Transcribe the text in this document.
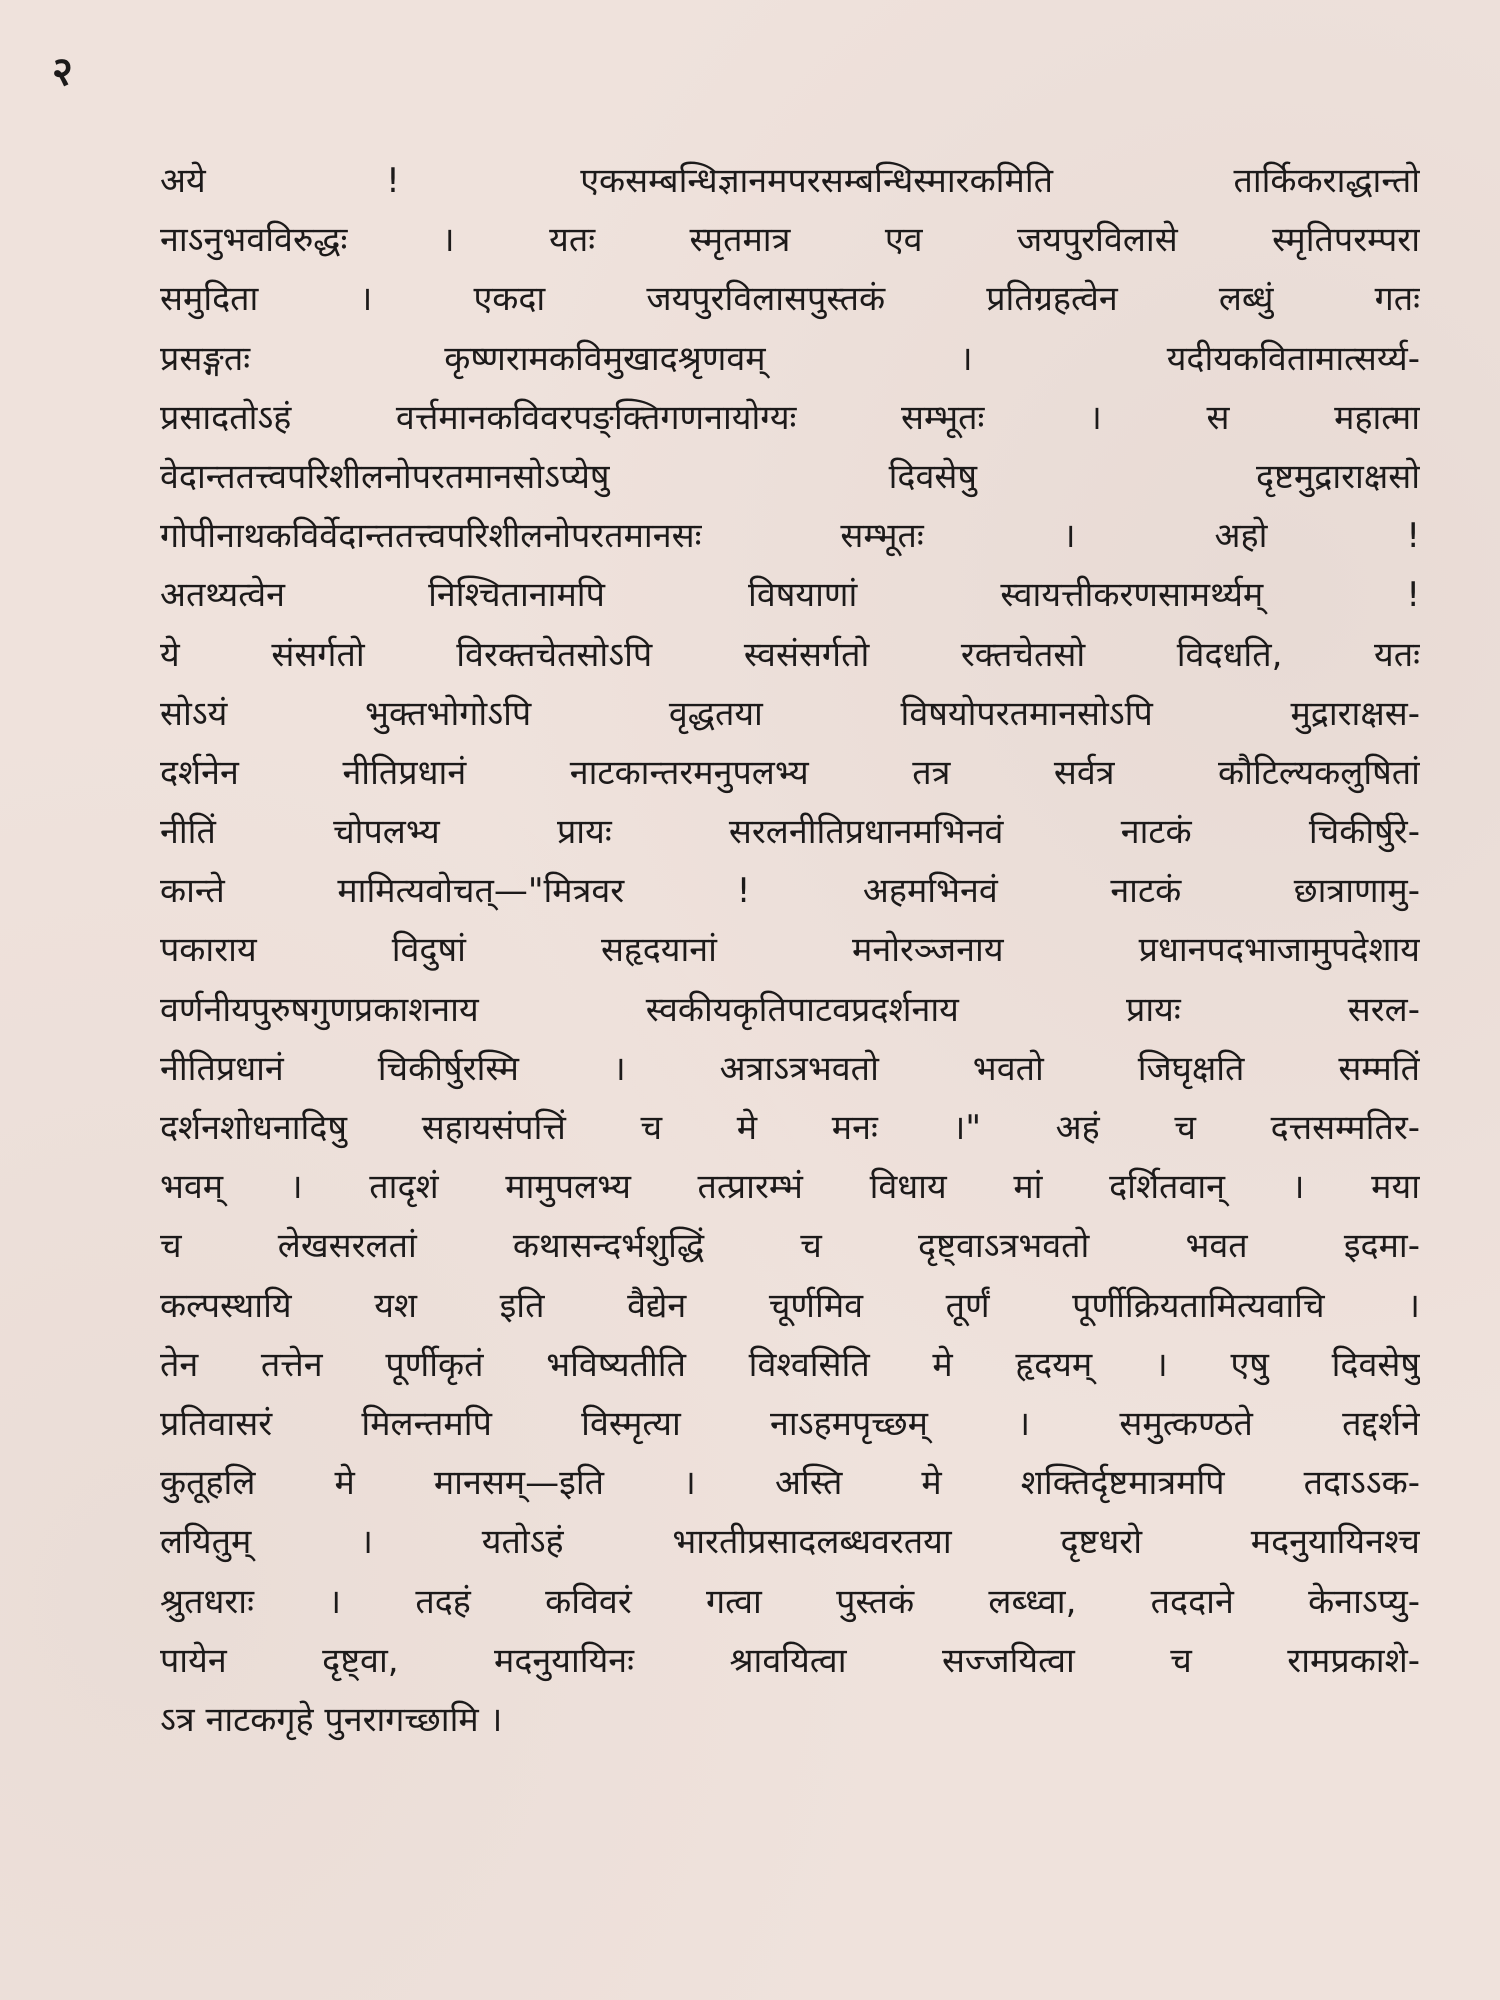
२
अये ! एकसम्बन्धिज्ञानमपरसम्बन्धिस्मारकमिति तार्किकराद्धान्तो
नाऽनुभवविरुद्धः । यतः स्मृतमात्र एव जयपुरविलासे स्मृतिपरम्परा
समुदिता । एकदा जयपुरविलासपुस्तकं प्रतिग्रहत्वेन लब्धुं गतः
प्रसङ्गतः कृष्णरामकविमुखादश्रृणवम् । यदीयकवितामात्सर्य्य-
प्रसादतोऽहं वर्त्तमानकविवरपङ्क्तिगणनायोग्यः सम्भूतः । स महात्मा
वेदान्ततत्त्वपरिशीलनोपरतमानसोऽप्येषु दिवसेषु दृष्टमुद्राराक्षसो
गोपीनाथकविर्वेदान्ततत्त्वपरिशीलनोपरतमानसः सम्भूतः । अहो !
अतथ्यत्वेन निश्चितानामपि विषयाणां स्वायत्तीकरणसामर्थ्यम् !
ये संसर्गतो विरक्तचेतसोऽपि स्वसंसर्गतो रक्तचेतसो विदधति, यतः
सोऽयं भुक्तभोगोऽपि वृद्धतया विषयोपरतमानसोऽपि मुद्राराक्षस-
दर्शनेन नीतिप्रधानं नाटकान्तरमनुपलभ्य तत्र सर्वत्र कौटिल्यकलुषितां
नीतिं चोपलभ्य प्रायः सरलनीतिप्रधानमभिनवं नाटकं चिकीर्षुरे-
कान्ते मामित्यवोचत्—"मित्रवर ! अहमभिनवं नाटकं छात्राणामु-
पकाराय विदुषां सहृदयानां मनोरञ्जनाय प्रधानपदभाजामुपदेशाय
वर्णनीयपुरुषगुणप्रकाशनाय स्वकीयकृतिपाटवप्रदर्शनाय प्रायः सरल-
नीतिप्रधानं चिकीर्षुरस्मि । अत्राऽत्रभवतो भवतो जिघृक्षति सम्मतिं
दर्शनशोधनादिषु सहायसंपत्तिं च मे मनः ।" अहं च दत्तसम्मतिर-
भवम् । तादृशं मामुपलभ्य तत्प्रारम्भं विधाय मां दर्शितवान् । मया
च लेखसरलतां कथासन्दर्भशुद्धिं च दृष्ट्वाऽत्रभवतो भवत इदमा-
कल्पस्थायि यश इति वैद्येन चूर्णमिव तूर्णं पूर्णीक्रियतामित्यवाचि ।
तेन तत्तेन पूर्णीकृतं भविष्यतीति विश्वसिति मे हृदयम् । एषु दिवसेषु
प्रतिवासरं मिलन्तमपि विस्मृत्या नाऽहमपृच्छम् । समुत्कण्ठते तद्दर्शने
कुतूहलि मे मानसम्—इति । अस्ति मे शक्तिर्दृष्टमात्रमपि तदाऽऽक-
लयितुम् । यतोऽहं भारतीप्रसादलब्धवरतया दृष्टधरो मदनुयायिनश्च
श्रुतधराः । तदहं कविवरं गत्वा पुस्तकं लब्ध्वा, तददाने केनाऽप्यु-
पायेन दृष्ट्वा, मदनुयायिनः श्रावयित्वा सज्जयित्वा च रामप्रकाशे-
ऽत्र नाटकगृहे पुनरागच्छामि ।
